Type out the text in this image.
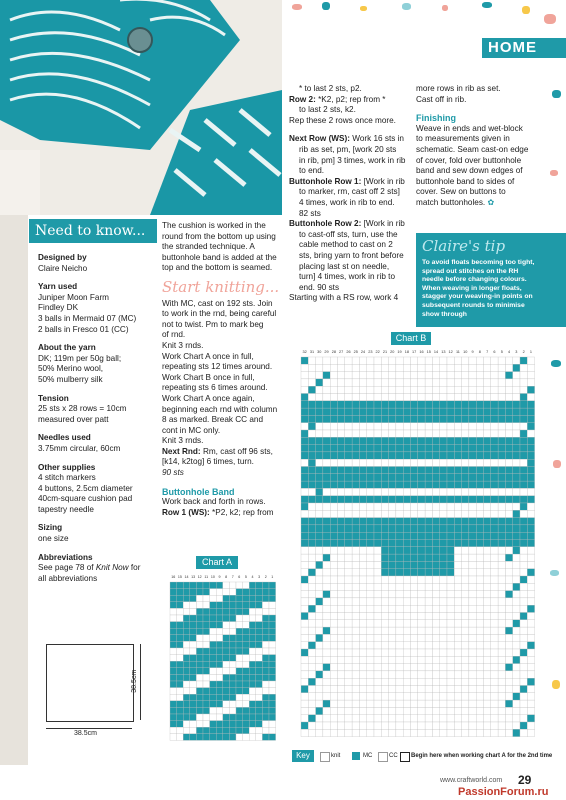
HOME
Need to know...
Designed by
Claire Neicho
Yarn used
Juniper Moon Farm
Findley DK
3 balls in Mermaid 07 (MC)
2 balls in Fresco 01 (CC)
About the yarn
DK; 119m per 50g ball;
50% Merino wool,
50% mulberry silk
Tension
25 sts x 28 rows = 10cm
measured over patt
Needles used
3.75mm circular, 60cm
Other supplies
4 stitch markers
4 buttons, 2.5cm diameter
40cm-square cushion pad
tapestry needle
Sizing
one size
Abbreviations
See page 78 of Knit Now for
all abbreviations
38.5cm
38.5cm
The cushion is worked in the
round from the bottom up using
the stranded technique. A
buttonhole band is added at the
top and the bottom is seamed.
Start knitting...
With MC, cast on 192 sts. Join
to work in the rnd, being careful
not to twist. Pm to mark beg
of rnd.
Knit 3 rnds.
Work Chart A once in full,
repeating sts 12 times around.
Work Chart B once in full,
repeating sts 6 times around.
Work Chart A once again,
beginning each rnd with column
8 as marked. Break CC and
cont in MC only.
Knit 3 rnds.
Next Rnd: Rm, cast off 96 sts,
[k14, k2tog] 6 times, turn.
90 sts
Buttonhole Band
Work back and forth in rows.
Row 1 (WS): *P2, k2; rep from
* to last 2 sts, p2.
Row 2: *K2, p2; rep from *
to last 2 sts, k2.
Rep these 2 rows once more.
Next Row (WS): Work 16 sts in
rib as set, pm, [work 20 sts
in rib, pm] 3 times, work in rib
to end.
Buttonhole Row 1: [Work in rib
to marker, rm, cast off 2 sts]
4 times, work in rib to end.
82 sts
Buttonhole Row 2: [Work in rib
to cast-off sts, turn, use the
cable method to cast on 2
sts, bring yarn to front before
placing last st on needle,
turn] 4 times, work in rib to
end. 90 sts
Starting with a RS row, work 4
more rows in rib as set.
Cast off in rib.
Finishing
Weave in ends and wet-block
to measurements given in
schematic. Seam cast-on edge
of cover, fold over buttonhole
band and sew down edges of
buttonhole band to sides of
cover. Sew on buttons to
match buttonholes. ✿
Claire's tip
To avoid floats becoming too tight,
spread out stitches on the RH
needle before changing colours.
When weaving in longer floats,
stagger your weaving-in points on
subsequent rounds to minimise
show through
Chart A
16 15 14 13 12 11 10 9 8 7 6 5 4 3 2 1
Chart B
32 31 30 29 28 27 26 25 24 23 22 21 20 19 18 17 16 15 14 13 12 11 10 9 8 7 6 5 4 3 2 1
Key	knit	MC	CC Begin here when working chart A for the 2nd time
www.craftworld.com 29
PassionForum.ru
